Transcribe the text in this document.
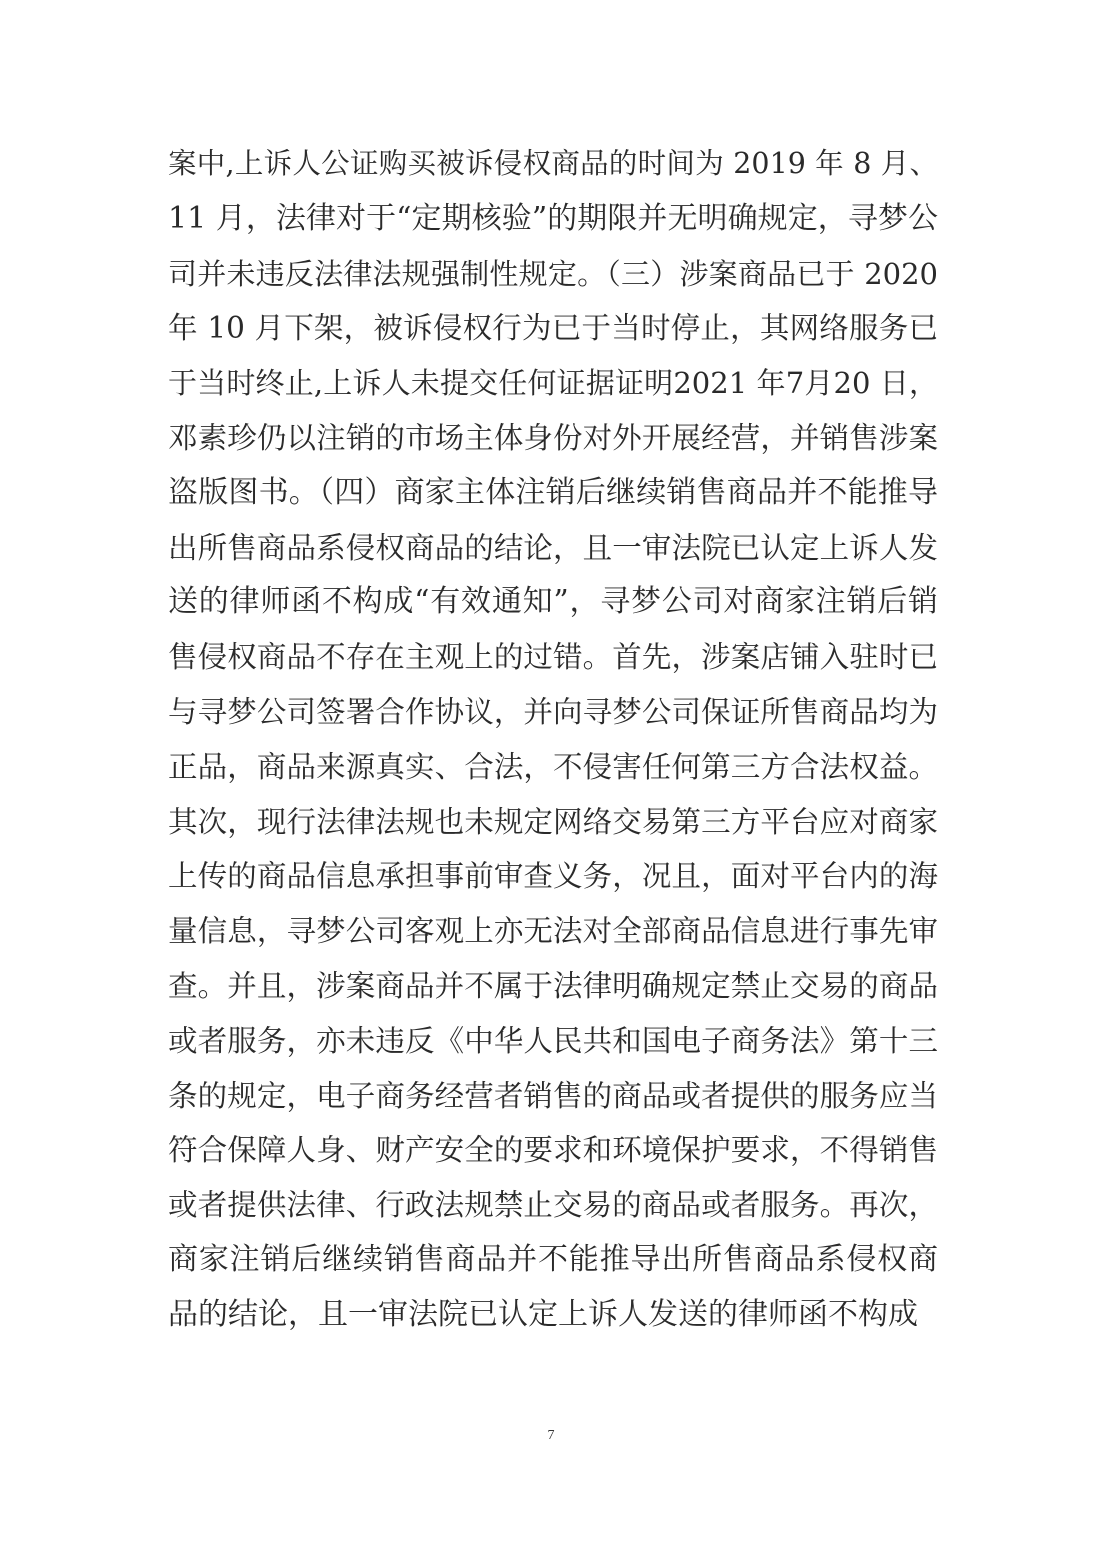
案中,上诉人公证购买被诉侵权商品的时间为 2019 年 8 月、
11 月，法律对于“定期核验”的期限并无明确规定，寻梦公
司并未违反法律法规强制性规定。（三）涉案商品已于 2020
年 10 月下架，被诉侵权行为已于当时停止，其网络服务已
于当时终止,上诉人未提交任何证据证明2021 年7月20 日，
邓素珍仍以注销的市场主体身份对外开展经营，并销售涉案
盗版图书。（四）商家主体注销后继续销售商品并不能推导
出所售商品系侵权商品的结论，且一审法院已认定上诉人发
送的律师函不构成“有效通知”，寻梦公司对商家注销后销
售侵权商品不存在主观上的过错。首先，涉案店铺入驻时已
与寻梦公司签署合作协议，并向寻梦公司保证所售商品均为
正品，商品来源真实、合法，不侵害任何第三方合法权益。
其次，现行法律法规也未规定网络交易第三方平台应对商家
上传的商品信息承担事前审查义务，况且，面对平台内的海
量信息，寻梦公司客观上亦无法对全部商品信息进行事先审
查。并且，涉案商品并不属于法律明确规定禁止交易的商品
或者服务，亦未违反《中华人民共和国电子商务法》第十三
条的规定，电子商务经营者销售的商品或者提供的服务应当
符合保障人身、财产安全的要求和环境保护要求，不得销售
或者提供法律、行政法规禁止交易的商品或者服务。再次，
商家注销后继续销售商品并不能推导出所售商品系侵权商
品的结论，且一审法院已认定上诉人发送的律师函不构成
7
